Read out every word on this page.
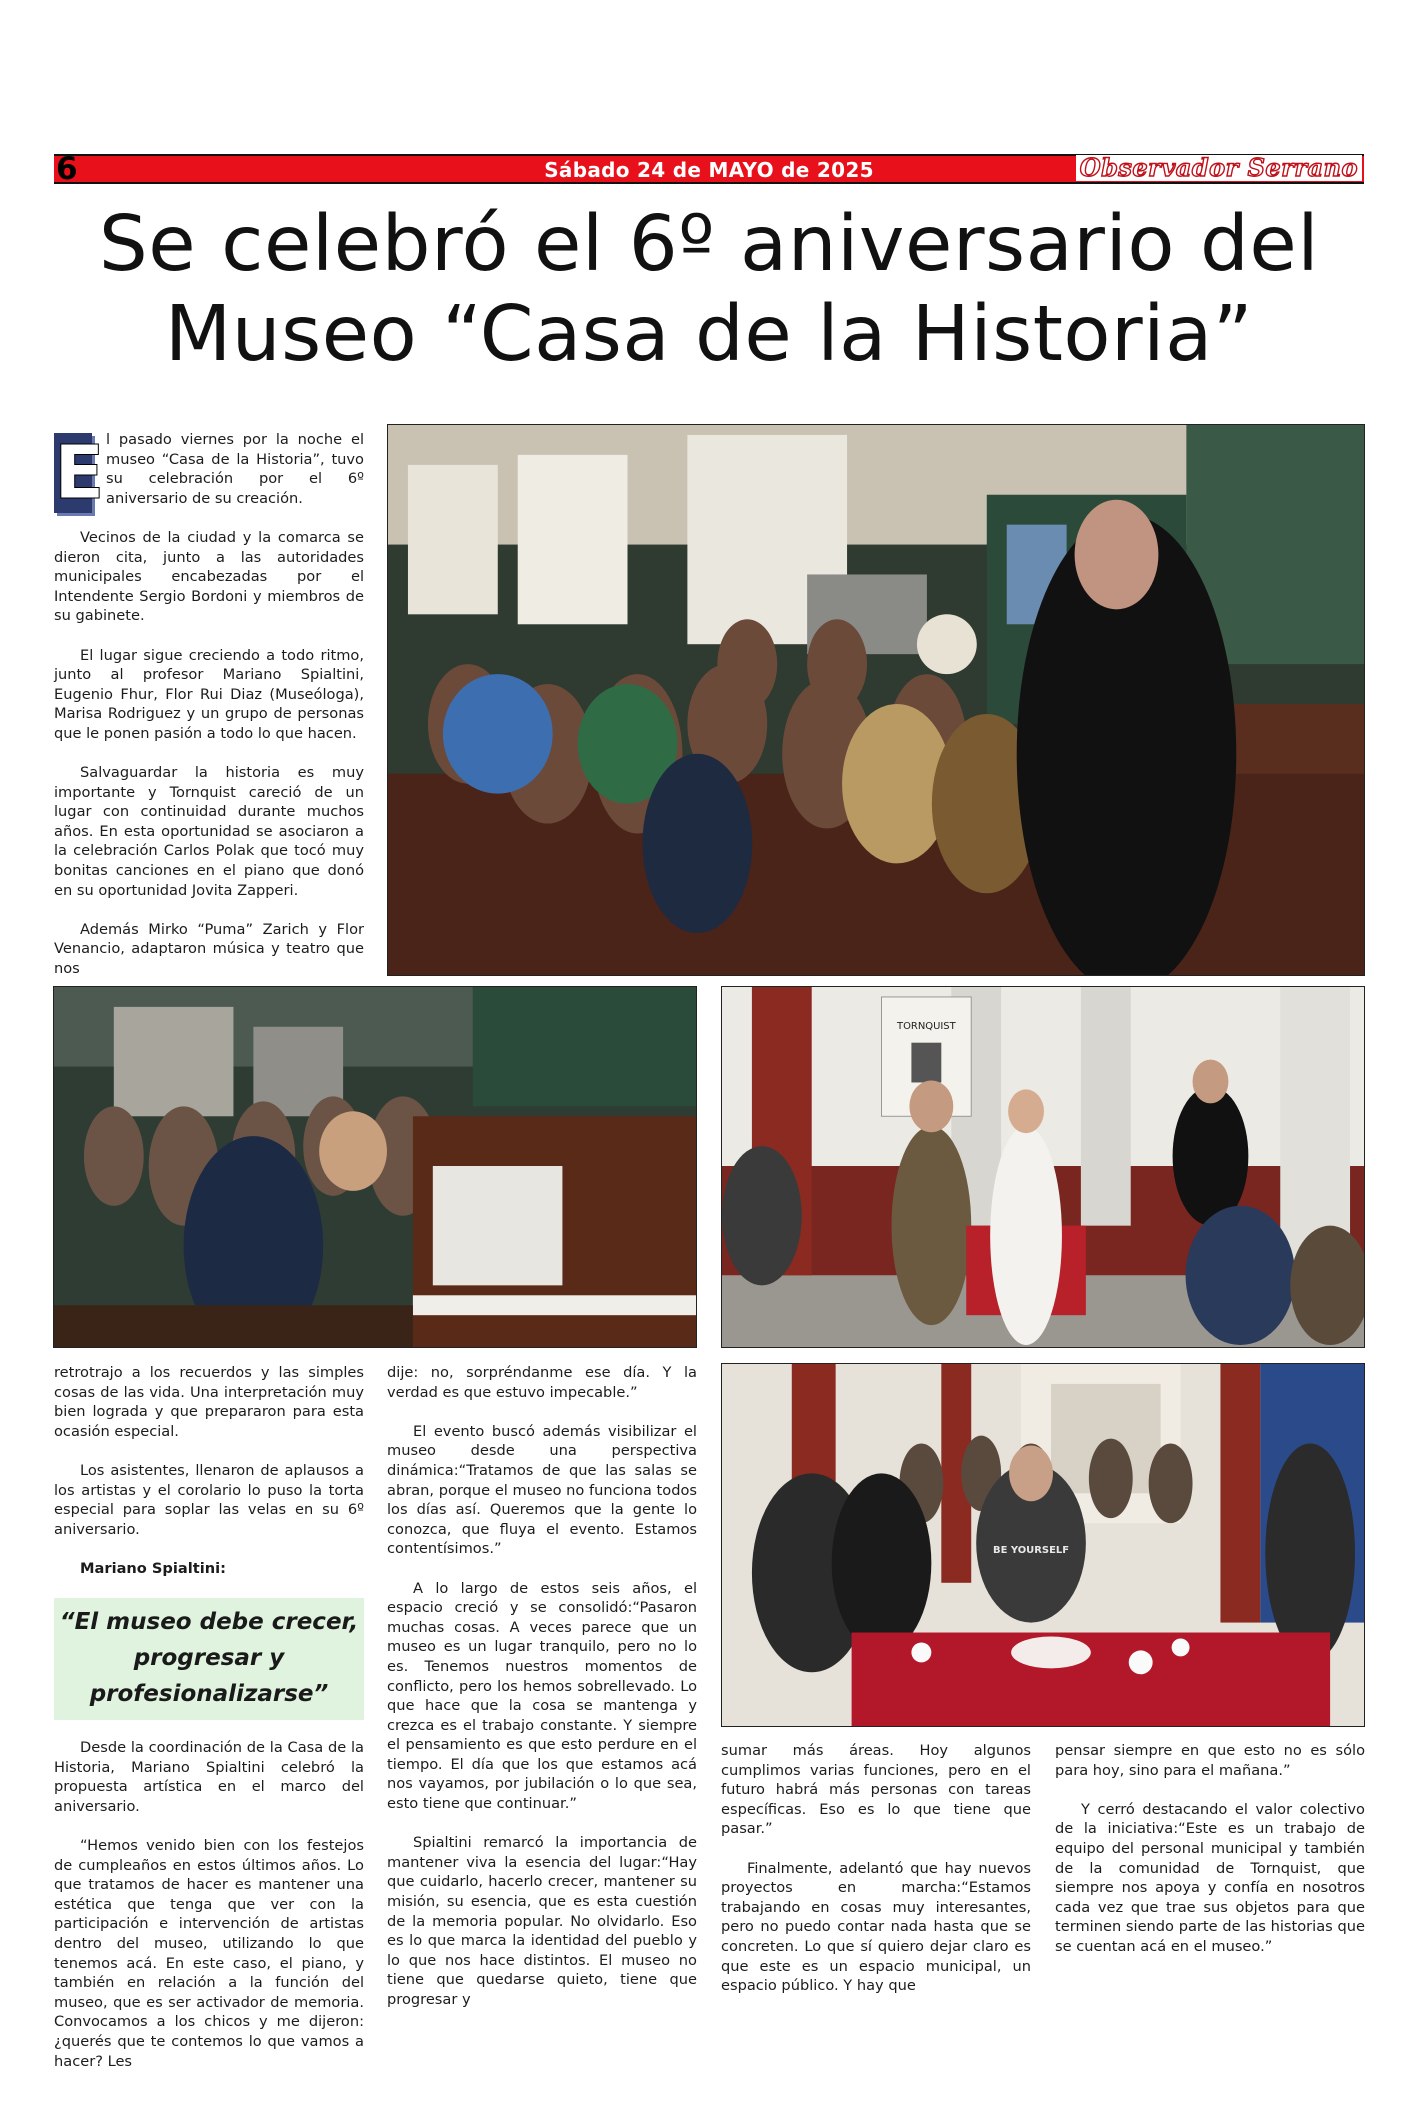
6	Sábado 24 de MAYO de 2025	Observador Serrano
Se celebró el 6º aniversario del
Museo “Casa de la Historia”
E l pasado viernes por la noche el museo “Casa de la Historia”, tuvo su celebración por el 6º aniversario de su creación.

Vecinos de la ciudad y la comarca se dieron cita, junto a las autoridades municipales encabezadas por el Intendente Sergio Bordoni y miembros de su gabinete.

El lugar sigue creciendo a todo ritmo, junto al profesor Mariano Spialtini, Eugenio Fhur, Flor Rui Diaz (Museóloga), Marisa Rodriguez y un grupo de personas que le ponen pasión a todo lo que hacen.

Salvaguardar la historia es muy importante y Tornquist careció de un lugar con continuidad durante muchos años. En esta oportunidad se asociaron a la celebración Carlos Polak que tocó muy bonitas canciones en el piano que donó en su oportunidad Jovita Zapperi.

Además Mirko “Puma” Zarich y Flor Venancio, adaptaron música y teatro que nos

TORNQUIST

retrotrajo a los recuerdos y las simples cosas de las vida. Una interpretación muy bien lograda y que prepararon para esta ocasión especial.

Los asistentes, llenaron de aplausos a los artistas y el corolario lo puso la torta especial para soplar las velas en su 6º aniversario.

Mariano Spialtini:

“El museo debe crecer, progresar y profesionalizarse”

Desde la coordinación de la Casa de la Historia, Mariano Spialtini celebró la propuesta artística en el marco del aniversario.

“Hemos venido bien con los festejos de cumpleaños en estos últimos años. Lo que tratamos de hacer es mantener una estética que tenga que ver con la participación e intervención de artistas dentro del museo, utilizando lo que tenemos acá. En este caso, el piano, y también en relación a la función del museo, que es ser activador de memoria. Convocamos a los chicos y me dijeron: ¿querés que te contemos lo que vamos a hacer? Les

dije: no, sorpréndanme ese día. Y la verdad es que estuvo impecable.”

El evento buscó además visibilizar el museo desde una perspectiva dinámica:“Tratamos de que las salas se abran, porque el museo no funciona todos los días así. Queremos que la gente lo conozca, que fluya el evento. Estamos contentísimos.”

A lo largo de estos seis años, el espacio creció y se consolidó:“Pasaron muchas cosas. A veces parece que un museo es un lugar tranquilo, pero no lo es. Tenemos nuestros momentos de conflicto, pero los hemos sobrellevado. Lo que hace que la cosa se mantenga y crezca es el trabajo constante. Y siempre el pensamiento es que esto perdure en el tiempo. El día que los que estamos acá nos vayamos, por jubilación o lo que sea, esto tiene que continuar.”

Spialtini remarcó la importancia de mantener viva la esencia del lugar:“Hay que cuidarlo, hacerlo crecer, mantener su misión, su esencia, que es esta cuestión de la memoria popular. No olvidarlo. Eso es lo que marca la identidad del pueblo y lo que nos hace distintos. El museo no tiene que quedarse quieto, tiene que progresar y

BE YOURSELF

sumar más áreas. Hoy algunos cumplimos varias funciones, pero en el futuro habrá más personas con tareas específicas. Eso es lo que tiene que pasar.”

Finalmente, adelantó que hay nuevos proyectos en marcha:“Estamos trabajando en cosas muy interesantes, pero no puedo contar nada hasta que se concreten. Lo que sí quiero dejar claro es que este es un espacio municipal, un espacio público. Y hay que

pensar siempre en que esto no es sólo para hoy, sino para el mañana.”

Y cerró destacando el valor colectivo de la iniciativa:“Este es un trabajo de equipo del personal municipal y también de la comunidad de Tornquist, que siempre nos apoya y confía en nosotros cada vez que trae sus objetos para que terminen siendo parte de las historias que se cuentan acá en el museo.”
